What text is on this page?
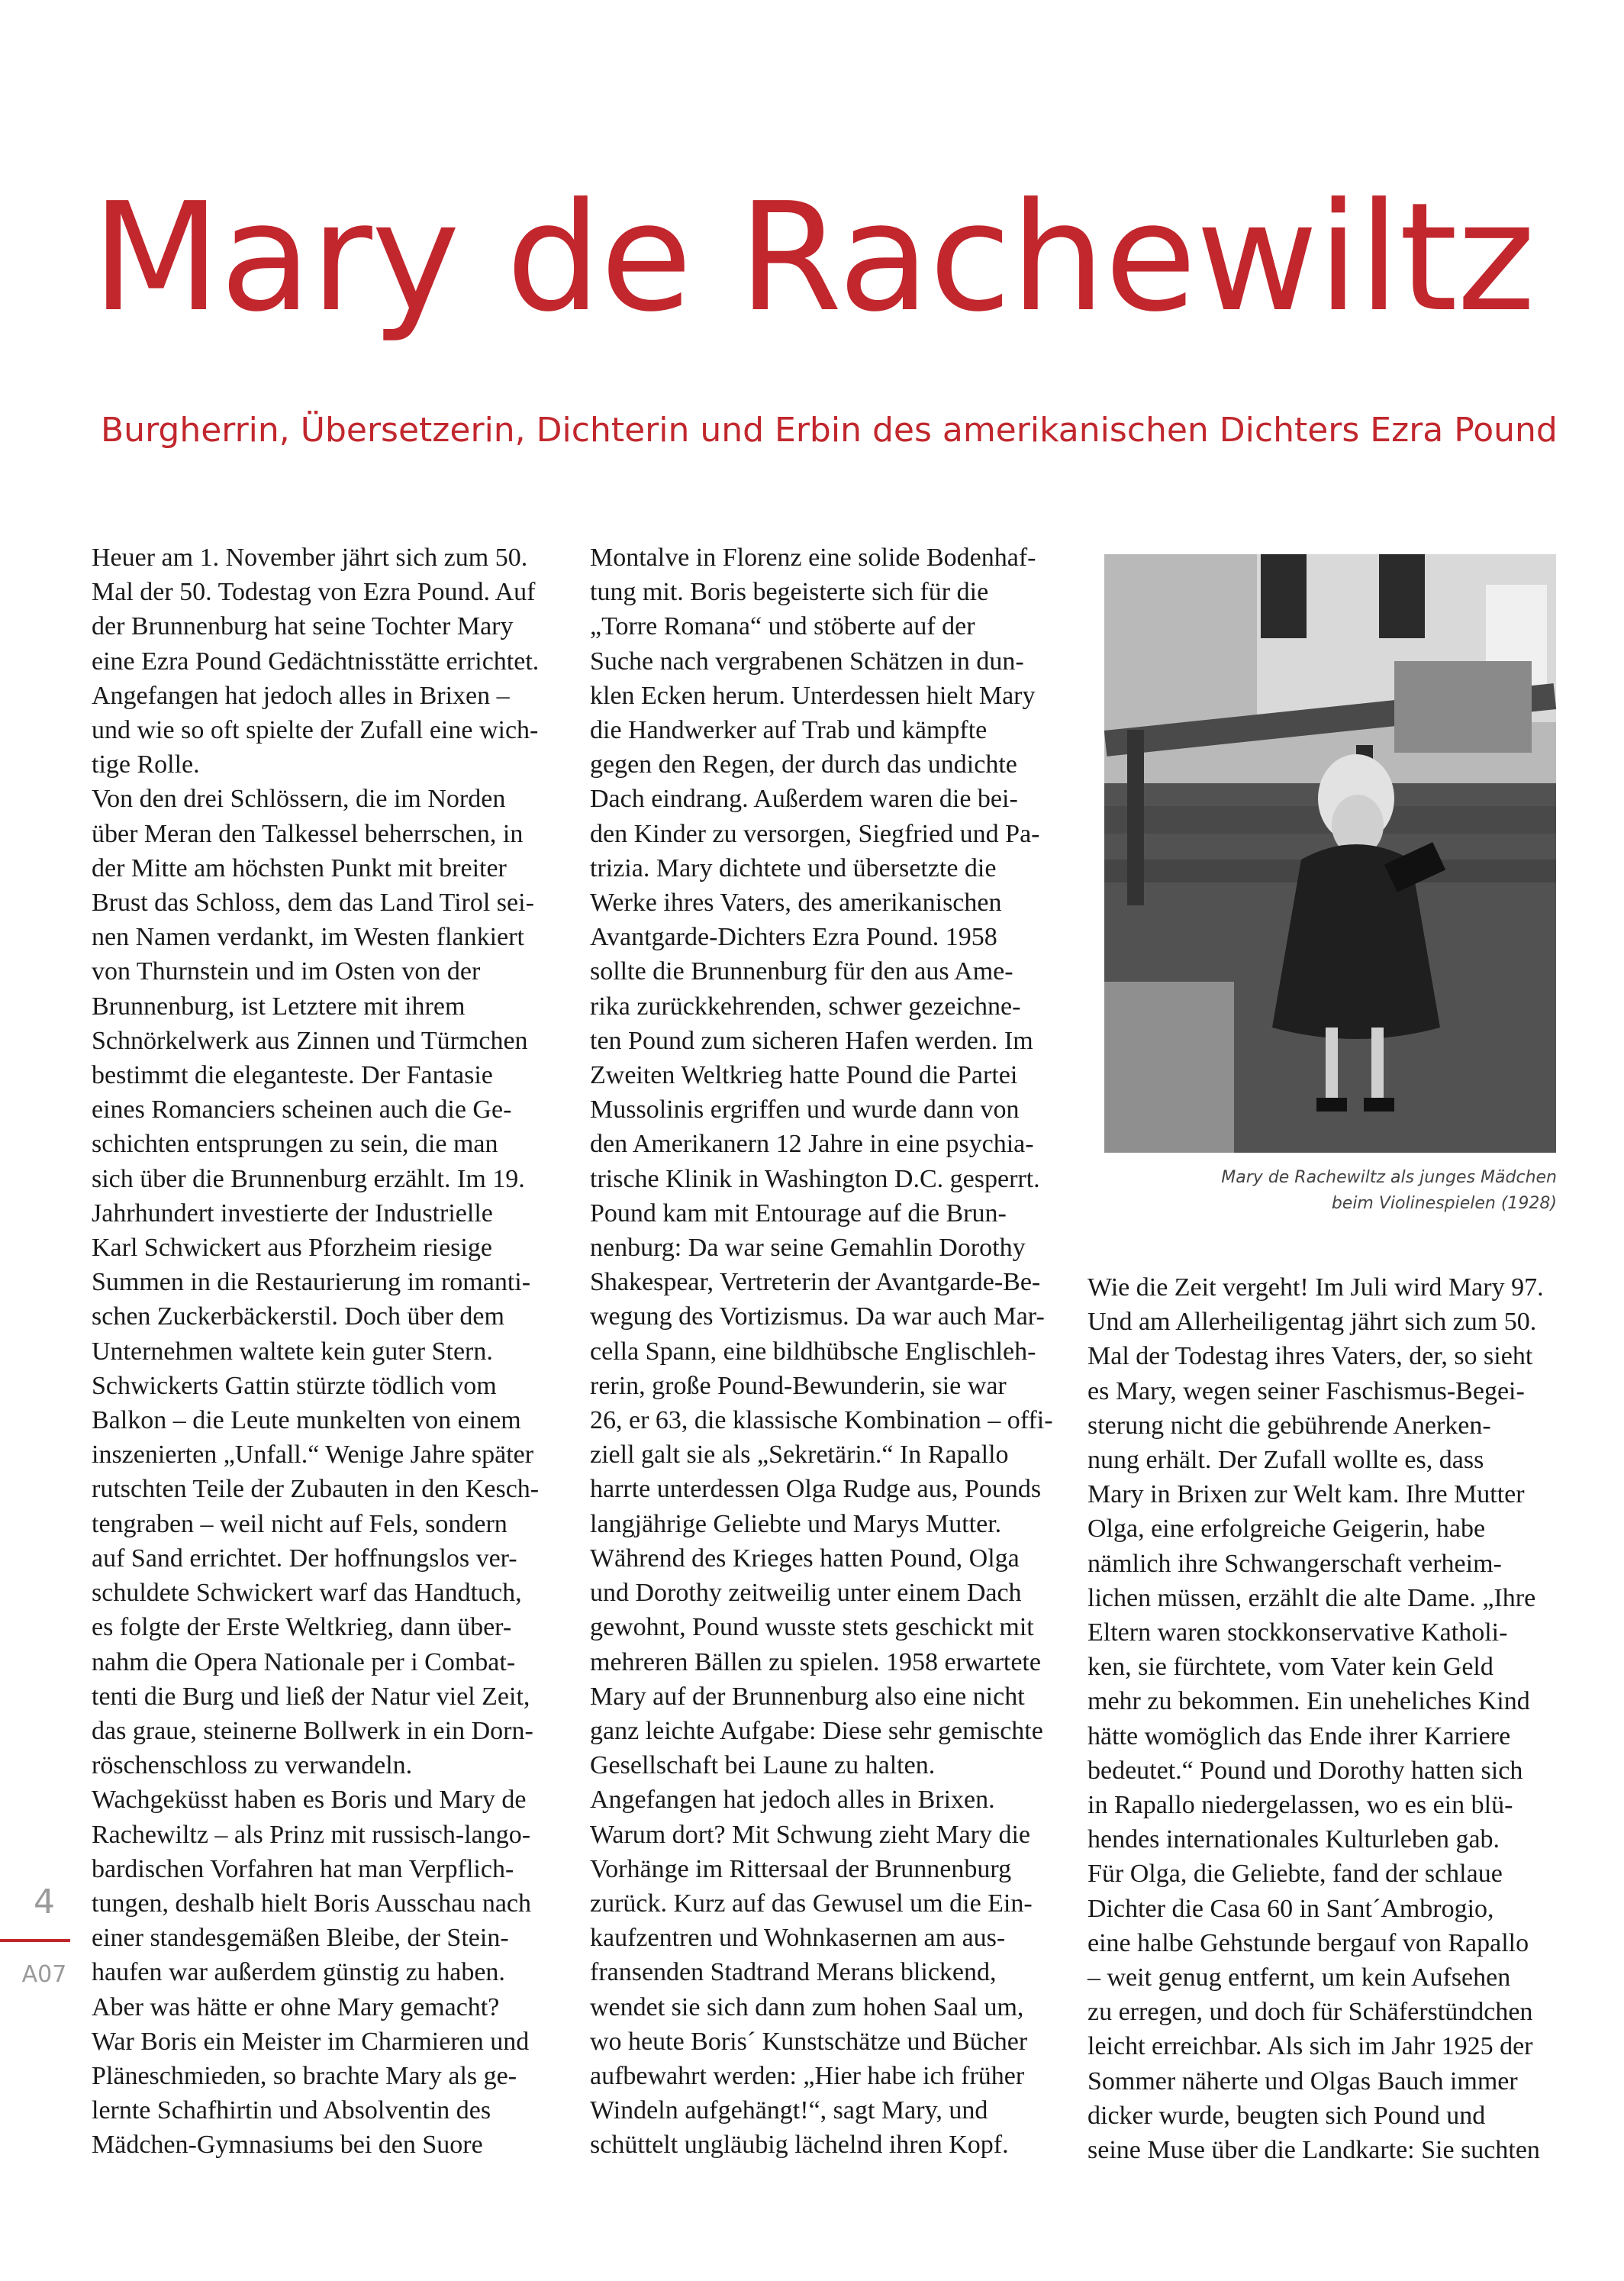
Mary de Rachewiltz
Burgherrin, Übersetzerin, Dichterin und Erbin des amerikanischen Dichters Ezra Pound

Heuer am 1. November jährt sich zum 50.
Mal der 50. Todestag von Ezra Pound. Auf
der Brunnenburg hat seine Tochter Mary
eine Ezra Pound Gedächtnisstätte errichtet.
Angefangen hat jedoch alles in Brixen –
und wie so oft spielte der Zufall eine wich-
tige Rolle.

Von den drei Schlössern, die im Norden
über Meran den Talkessel beherrschen, in
der Mitte am höchsten Punkt mit breiter
Brust das Schloss, dem das Land Tirol sei-
nen Namen verdankt, im Westen flankiert
von Thurnstein und im Osten von der
Brunnenburg, ist Letztere mit ihrem
Schnörkelwerk aus Zinnen und Türmchen
bestimmt die eleganteste. Der Fantasie
eines Romanciers scheinen auch die Ge-
schichten entsprungen zu sein, die man
sich über die Brunnenburg erzählt. Im 19.
Jahrhundert investierte der Industrielle
Karl Schwickert aus Pforzheim riesige
Summen in die Restaurierung im romanti-
schen Zuckerbäckerstil. Doch über dem
Unternehmen waltete kein guter Stern.
Schwickerts Gattin stürzte tödlich vom
Balkon – die Leute munkelten von einem
inszenierten „Unfall.“ Wenige Jahre später
rutschten Teile der Zubauten in den Kesch-
tengraben – weil nicht auf Fels, sondern
auf Sand errichtet. Der hoffnungslos ver-
schuldete Schwickert warf das Handtuch,
es folgte der Erste Weltkrieg, dann über-
nahm die Opera Nationale per i Combat-
tenti die Burg und ließ der Natur viel Zeit,
das graue, steinerne Bollwerk in ein Dorn-
röschenschloss zu verwandeln.

Wachgeküsst haben es Boris und Mary de
Rachewiltz – als Prinz mit russisch-lango-
bardischen Vorfahren hat man Verpflich-
tungen, deshalb hielt Boris Ausschau nach
einer standesgemäßen Bleibe, der Stein-
haufen war außerdem günstig zu haben.
Aber was hätte er ohne Mary gemacht?
War Boris ein Meister im Charmieren und
Pläneschmieden, so brachte Mary als ge-
lernte Schafhirtin und Absolventin des
Mädchen-Gymnasiums bei den Suore

Montalve in Florenz eine solide Bodenhaf-
tung mit. Boris begeisterte sich für die
„Torre Romana“ und stöberte auf der
Suche nach vergrabenen Schätzen in dun-
klen Ecken herum. Unterdessen hielt Mary
die Handwerker auf Trab und kämpfte
gegen den Regen, der durch das undichte
Dach eindrang. Außerdem waren die bei-
den Kinder zu versorgen, Siegfried und Pa-
trizia. Mary dichtete und übersetzte die
Werke ihres Vaters, des amerikanischen
Avantgarde-Dichters Ezra Pound. 1958
sollte die Brunnenburg für den aus Ame-
rika zurückkehrenden, schwer gezeichne-
ten Pound zum sicheren Hafen werden. Im
Zweiten Weltkrieg hatte Pound die Partei
Mussolinis ergriffen und wurde dann von
den Amerikanern 12 Jahre in eine psychia-
trische Klinik in Washington D.C. gesperrt.
Pound kam mit Entourage auf die Brun-
nenburg: Da war seine Gemahlin Dorothy
Shakespear, Vertreterin der Avantgarde-Be-
wegung des Vortizismus. Da war auch Mar-
cella Spann, eine bildhübsche Englischleh-
rerin, große Pound-Bewunderin, sie war
26, er 63, die klassische Kombination – offi-
ziell galt sie als „Sekretärin.“ In Rapallo
harrte unterdessen Olga Rudge aus, Pounds
langjährige Geliebte und Marys Mutter.
Während des Krieges hatten Pound, Olga
und Dorothy zeitweilig unter einem Dach
gewohnt, Pound wusste stets geschickt mit
mehreren Bällen zu spielen. 1958 erwartete
Mary auf der Brunnenburg also eine nicht
ganz leichte Aufgabe: Diese sehr gemischte
Gesellschaft bei Laune zu halten.

Angefangen hat jedoch alles in Brixen.
Warum dort? Mit Schwung zieht Mary die
Vorhänge im Rittersaal der Brunnenburg
zurück. Kurz auf das Gewusel um die Ein-
kaufzentren und Wohnkasernen am aus-
fransenden Stadtrand Merans blickend,
wendet sie sich dann zum hohen Saal um,
wo heute Boris´ Kunstschätze und Bücher
aufbewahrt werden: „Hier habe ich früher
Windeln aufgehängt!“, sagt Mary, und
schüttelt ungläubig lächelnd ihren Kopf.

Mary de Rachewiltz als junges Mädchen
beim Violinespielen (1928)

Wie die Zeit vergeht! Im Juli wird Mary 97.
Und am Allerheiligentag jährt sich zum 50.
Mal der Todestag ihres Vaters, der, so sieht
es Mary, wegen seiner Faschismus-Begei-
sterung nicht die gebührende Anerken-
nung erhält. Der Zufall wollte es, dass
Mary in Brixen zur Welt kam. Ihre Mutter
Olga, eine erfolgreiche Geigerin, habe
nämlich ihre Schwangerschaft verheim-
lichen müssen, erzählt die alte Dame. „Ihre
Eltern waren stockkonservative Katholi-
ken, sie fürchtete, vom Vater kein Geld
mehr zu bekommen. Ein uneheliches Kind
hätte womöglich das Ende ihrer Karriere
bedeutet.“ Pound und Dorothy hatten sich
in Rapallo niedergelassen, wo es ein blü-
hendes internationales Kulturleben gab.
Für Olga, die Geliebte, fand der schlaue
Dichter die Casa 60 in Sant´Ambrogio,
eine halbe Gehstunde bergauf von Rapallo
– weit genug entfernt, um kein Aufsehen
zu erregen, und doch für Schäferstündchen
leicht erreichbar. Als sich im Jahr 1925 der
Sommer näherte und Olgas Bauch immer
dicker wurde, beugten sich Pound und
seine Muse über die Landkarte: Sie suchten

4
A07
